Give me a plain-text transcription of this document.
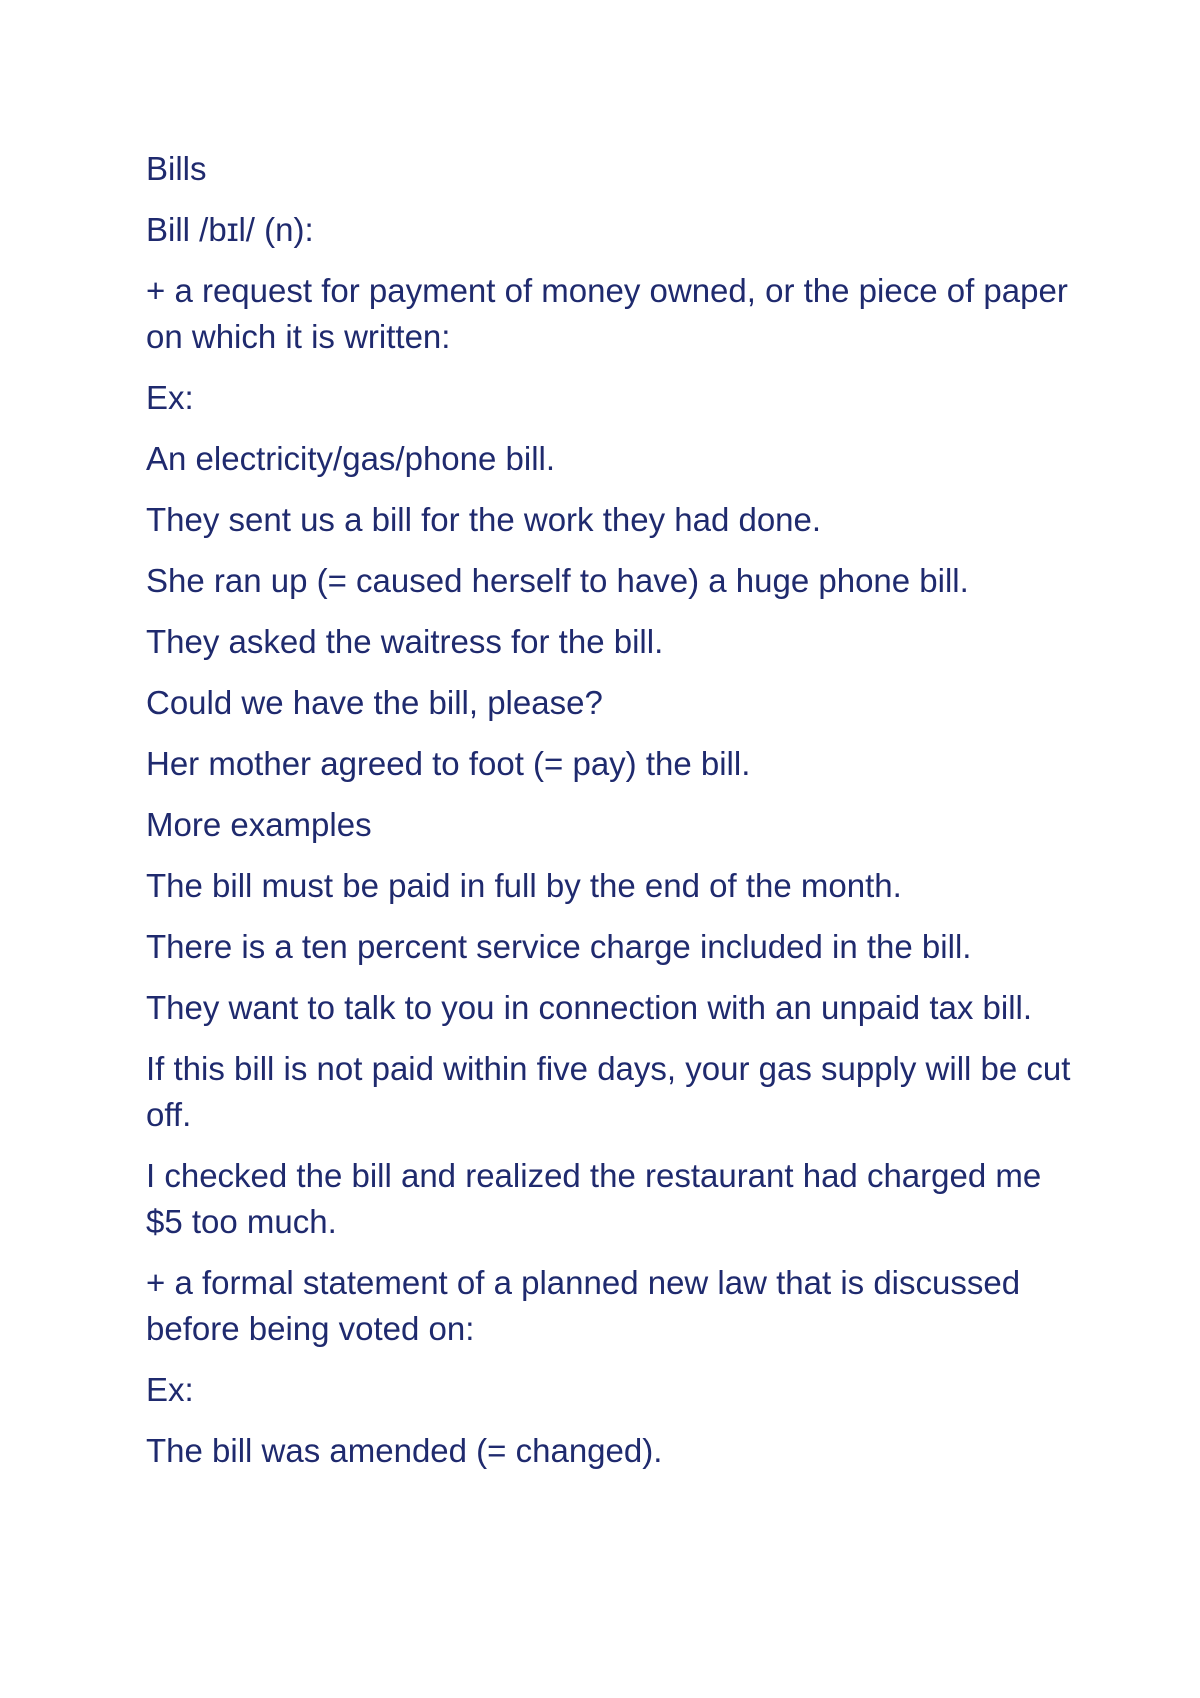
Bills

Bill /bɪl/ (n):

+ a request for payment of money owned, or the piece of paper on which it is written:

Ex:

An electricity/gas/phone bill.

They sent us a bill for the work they had done.

She ran up (= caused herself to have) a huge phone bill.

They asked the waitress for the bill.

Could we have the bill, please?

Her mother agreed to foot (= pay) the bill.

More examples

The bill must be paid in full by the end of the month.

There is a ten percent service charge included in the bill.

They want to talk to you in connection with an unpaid tax bill.

If this bill is not paid within five days, your gas supply will be cut off.

I checked the bill and realized the restaurant had charged me $5 too much.

+ a formal statement of a planned new law that is discussed before being voted on:

Ex:

The bill was amended (= changed).
